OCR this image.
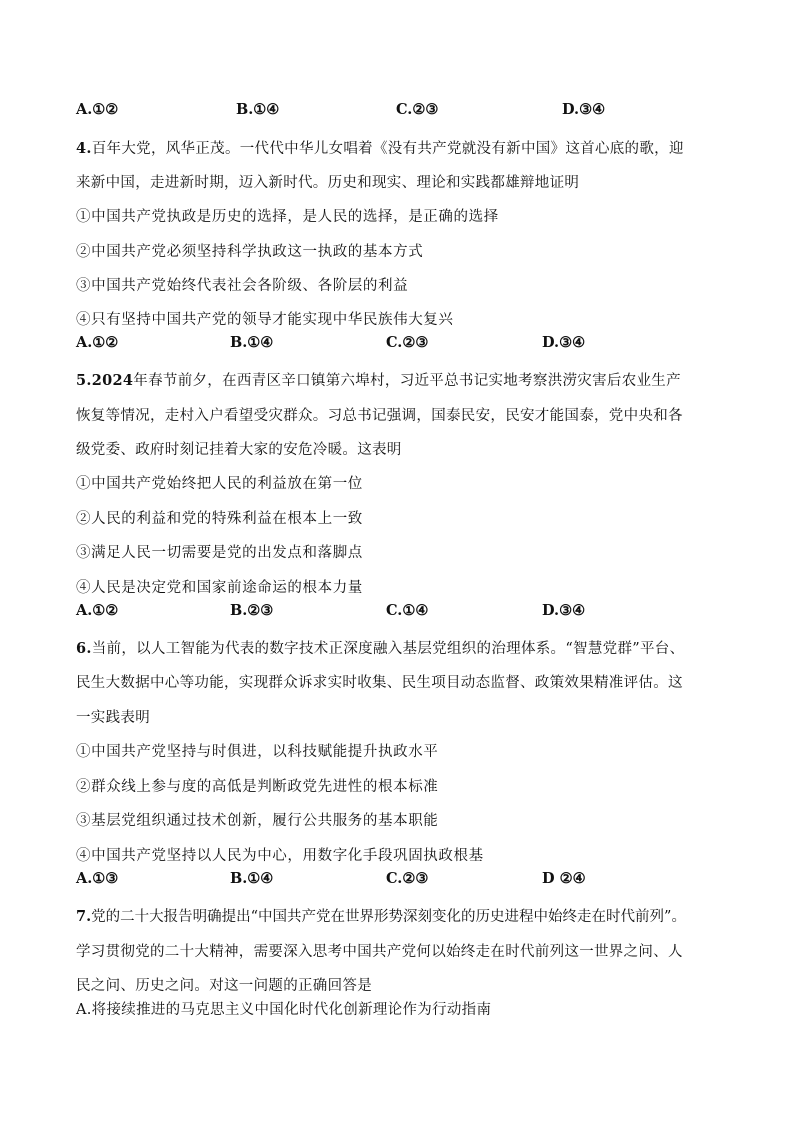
A.①②	B.①④	C.②③	D.③④
4.百年大党，风华正茂。一代代中华儿女唱着《没有共产党就没有新中国》这首心底的歌，迎
来新中国，走进新时期，迈入新时代。历史和现实、理论和实践都雄辩地证明
①中国共产党执政是历史的选择，是人民的选择，是正确的选择
②中国共产党必须坚持科学执政这一执政的基本方式
③中国共产党始终代表社会各阶级、各阶层的利益
④只有坚持中国共产党的领导才能实现中华民族伟大复兴
A.①②	B.①④	C.②③	D.③④
5.2024年春节前夕，在西青区辛口镇第六埠村，习近平总书记实地考察洪涝灾害后农业生产
恢复等情况，走村入户看望受灾群众。习总书记强调，国泰民安，民安才能国泰，党中央和各
级党委、政府时刻记挂着大家的安危冷暖。这表明
①中国共产党始终把人民的利益放在第一位
②人民的利益和党的特殊利益在根本上一致
③满足人民一切需要是党的出发点和落脚点
④人民是决定党和国家前途命运的根本力量
A.①②	B.②③	C.①④	D.③④
6.当前，以人工智能为代表的数字技术正深度融入基层党组织的治理体系。“智慧党群”平台、
民生大数据中心等功能，实现群众诉求实时收集、民生项目动态监督、政策效果精准评估。这
一实践表明
①中国共产党坚持与时俱进，以科技赋能提升执政水平
②群众线上参与度的高低是判断政党先进性的根本标准
③基层党组织通过技术创新，履行公共服务的基本职能
④中国共产党坚持以人民为中心，用数字化手段巩固执政根基
A.①③	B.①④	C.②③	D ②④
7.党的二十大报告明确提出“中国共产党在世界形势深刻变化的历史进程中始终走在时代前列”。
学习贯彻党的二十大精神，需要深入思考中国共产党何以始终走在时代前列这一世界之问、人
民之问、历史之问。对这一问题的正确回答是
A.将接续推进的马克思主义中国化时代化创新理论作为行动指南
